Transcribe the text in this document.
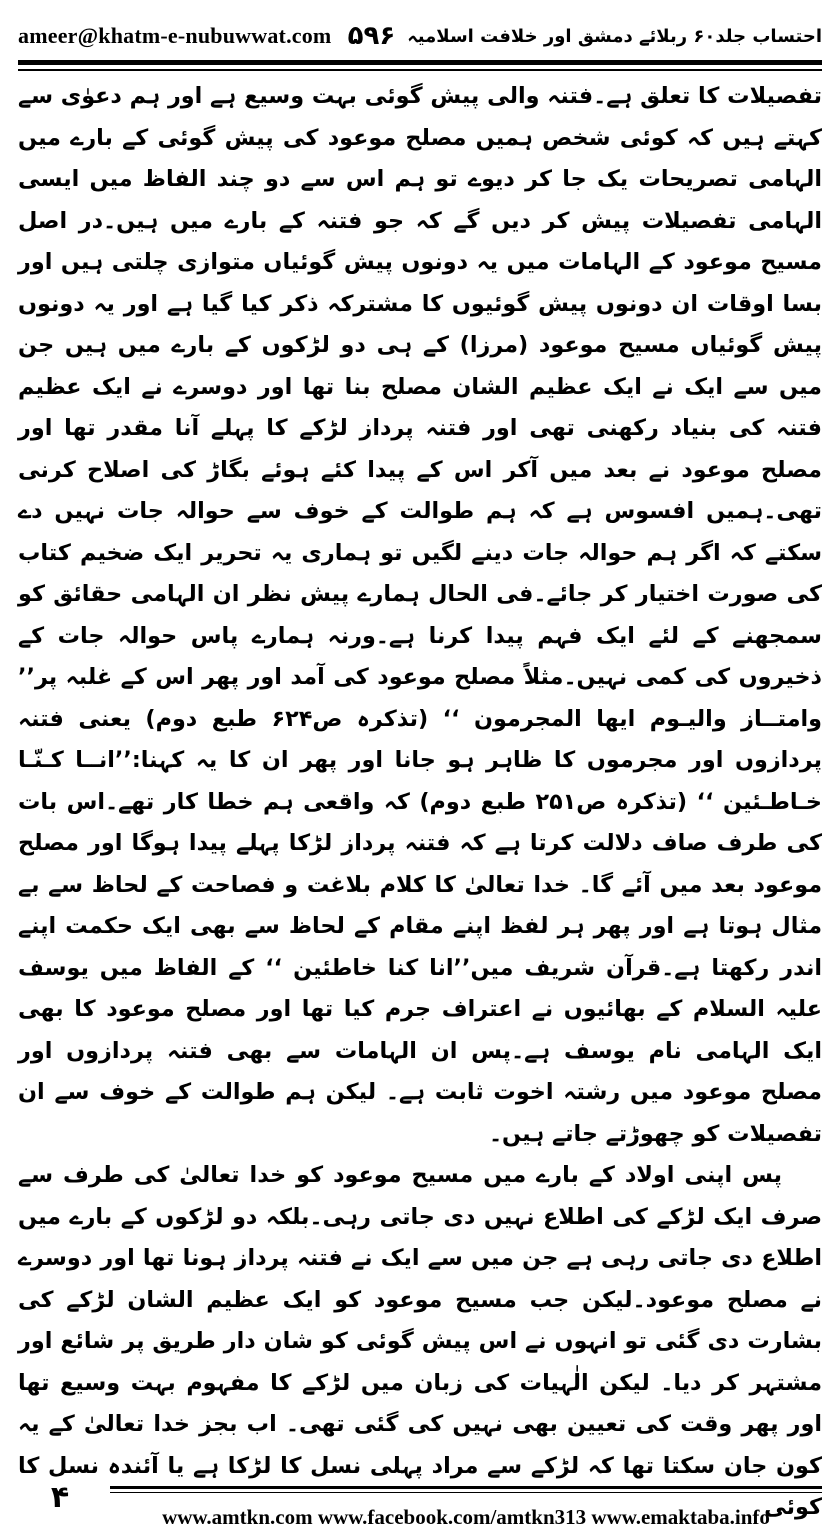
ameer@khatm-e-nubuwwat.com ۵۹۶ احتساب جلد۶۰ ربلائے دمشق اور خلافت اسلامیہ

تفصیلات کا تعلق ہے۔فتنہ والی پیش گوئی بہت وسیع ہے اور ہم دعوٰی سے کہتے ہیں کہ کوئی شخص ہمیں مصلح موعود کی پیش گوئی کے بارے میں الہامی تصریحات یک جا کر دیوے تو ہم اس سے دو چند الفاظ میں ایسی الہامی تفصیلات پیش کر دیں گے کہ جو فتنہ کے بارے میں ہیں۔در اصل مسیح موعود کے الہامات میں یہ دونوں پیش گوئیاں متوازی چلتی ہیں اور بسا اوقات ان دونوں پیش گوئیوں کا مشترکہ ذکر کیا گیا ہے اور یہ دونوں پیش گوئیاں مسیح موعود (مرزا) کے ہی دو لڑکوں کے بارے میں ہیں جن میں سے ایک نے ایک عظیم الشان مصلح بنا تھا اور دوسرے نے ایک عظیم فتنہ کی بنیاد رکھنی تھی اور فتنہ پرداز لڑکے کا پہلے آنا مقدر تھا اور مصلح موعود نے بعد میں آکر اس کے پیدا کئے ہوئے بگاڑ کی اصلاح کرنی تھی۔ہمیں افسوس ہے کہ ہم طوالت کے خوف سے حوالہ جات نہیں دے سکتے کہ اگر ہم حوالہ جات دینے لگیں تو ہماری یہ تحریر ایک ضخیم کتاب کی صورت اختیار کر جائے۔فی الحال ہمارے پیش نظر ان الہامی حقائق کو سمجھنے کے لئے ایک فہم پیدا کرنا ہے۔ورنہ ہمارے پاس حوالہ جات کے ذخیروں کی کمی نہیں۔مثلاً مصلح موعود کی آمد اور پھر اس کے غلبہ پر’’ وامتــاز والیـوم ایھا المجرمون ‘‘ (تذکرہ ص۶۲۴ طبع دوم) یعنی فتنہ پردازوں اور مجرموں کا ظاہر ہو جانا اور پھر ان کا یہ کہنا:’’انــا کـنّـا خـاطـئین ‘‘ (تذکرہ ص۲۵۱ طبع دوم) کہ واقعی ہم خطا کار تھے۔اس بات کی طرف صاف دلالت کرتا ہے کہ فتنہ پرداز لڑکا پہلے پیدا ہوگا اور مصلح موعود بعد میں آئے گا۔ خدا تعالیٰ کا کلام بلاغت و فصاحت کے لحاظ سے بے مثال ہوتا ہے اور پھر ہر لفظ اپنے مقام کے لحاظ سے بھی ایک حکمت اپنے اندر رکھتا ہے۔قرآن شریف میں’’انا کنا خاطئین ‘‘ کے الفاظ میں یوسف علیہ السلام کے بھائیوں نے اعتراف جرم کیا تھا اور مصلح موعود کا بھی ایک الہامی نام یوسف ہے۔پس ان الہامات سے بھی فتنہ پردازوں اور مصلح موعود میں رشتہ اخوت ثابت ہے۔ لیکن ہم طوالت کے خوف سے ان تفصیلات کو چھوڑتے جاتے ہیں۔

پس اپنی اولاد کے بارے میں مسیح موعود کو خدا تعالیٰ کی طرف سے صرف ایک لڑکے کی اطلاع نہیں دی جاتی رہی۔بلکہ دو لڑکوں کے بارے میں اطلاع دی جاتی رہی ہے جن میں سے ایک نے فتنہ پرداز ہونا تھا اور دوسرے نے مصلح موعود۔لیکن جب مسیح موعود کو ایک عظیم الشان لڑکے کی بشارت دی گئی تو انہوں نے اس پیش گوئی کو شان دار طریق پر شائع اور مشتہر کر دیا۔ لیکن الٰہیات کی زبان میں لڑکے کا مفہوم بہت وسیع تھا اور پھر وقت کی تعیین بھی نہیں کی گئی تھی۔ اب بجز خدا تعالیٰ کے یہ کون جان سکتا تھا کہ لڑکے سے مراد پہلی نسل کا لڑکا ہے یا آئندہ نسل کا کوئی

۴
www.amtkn.com www.facebook.com/amtkn313 www.emaktaba.info
